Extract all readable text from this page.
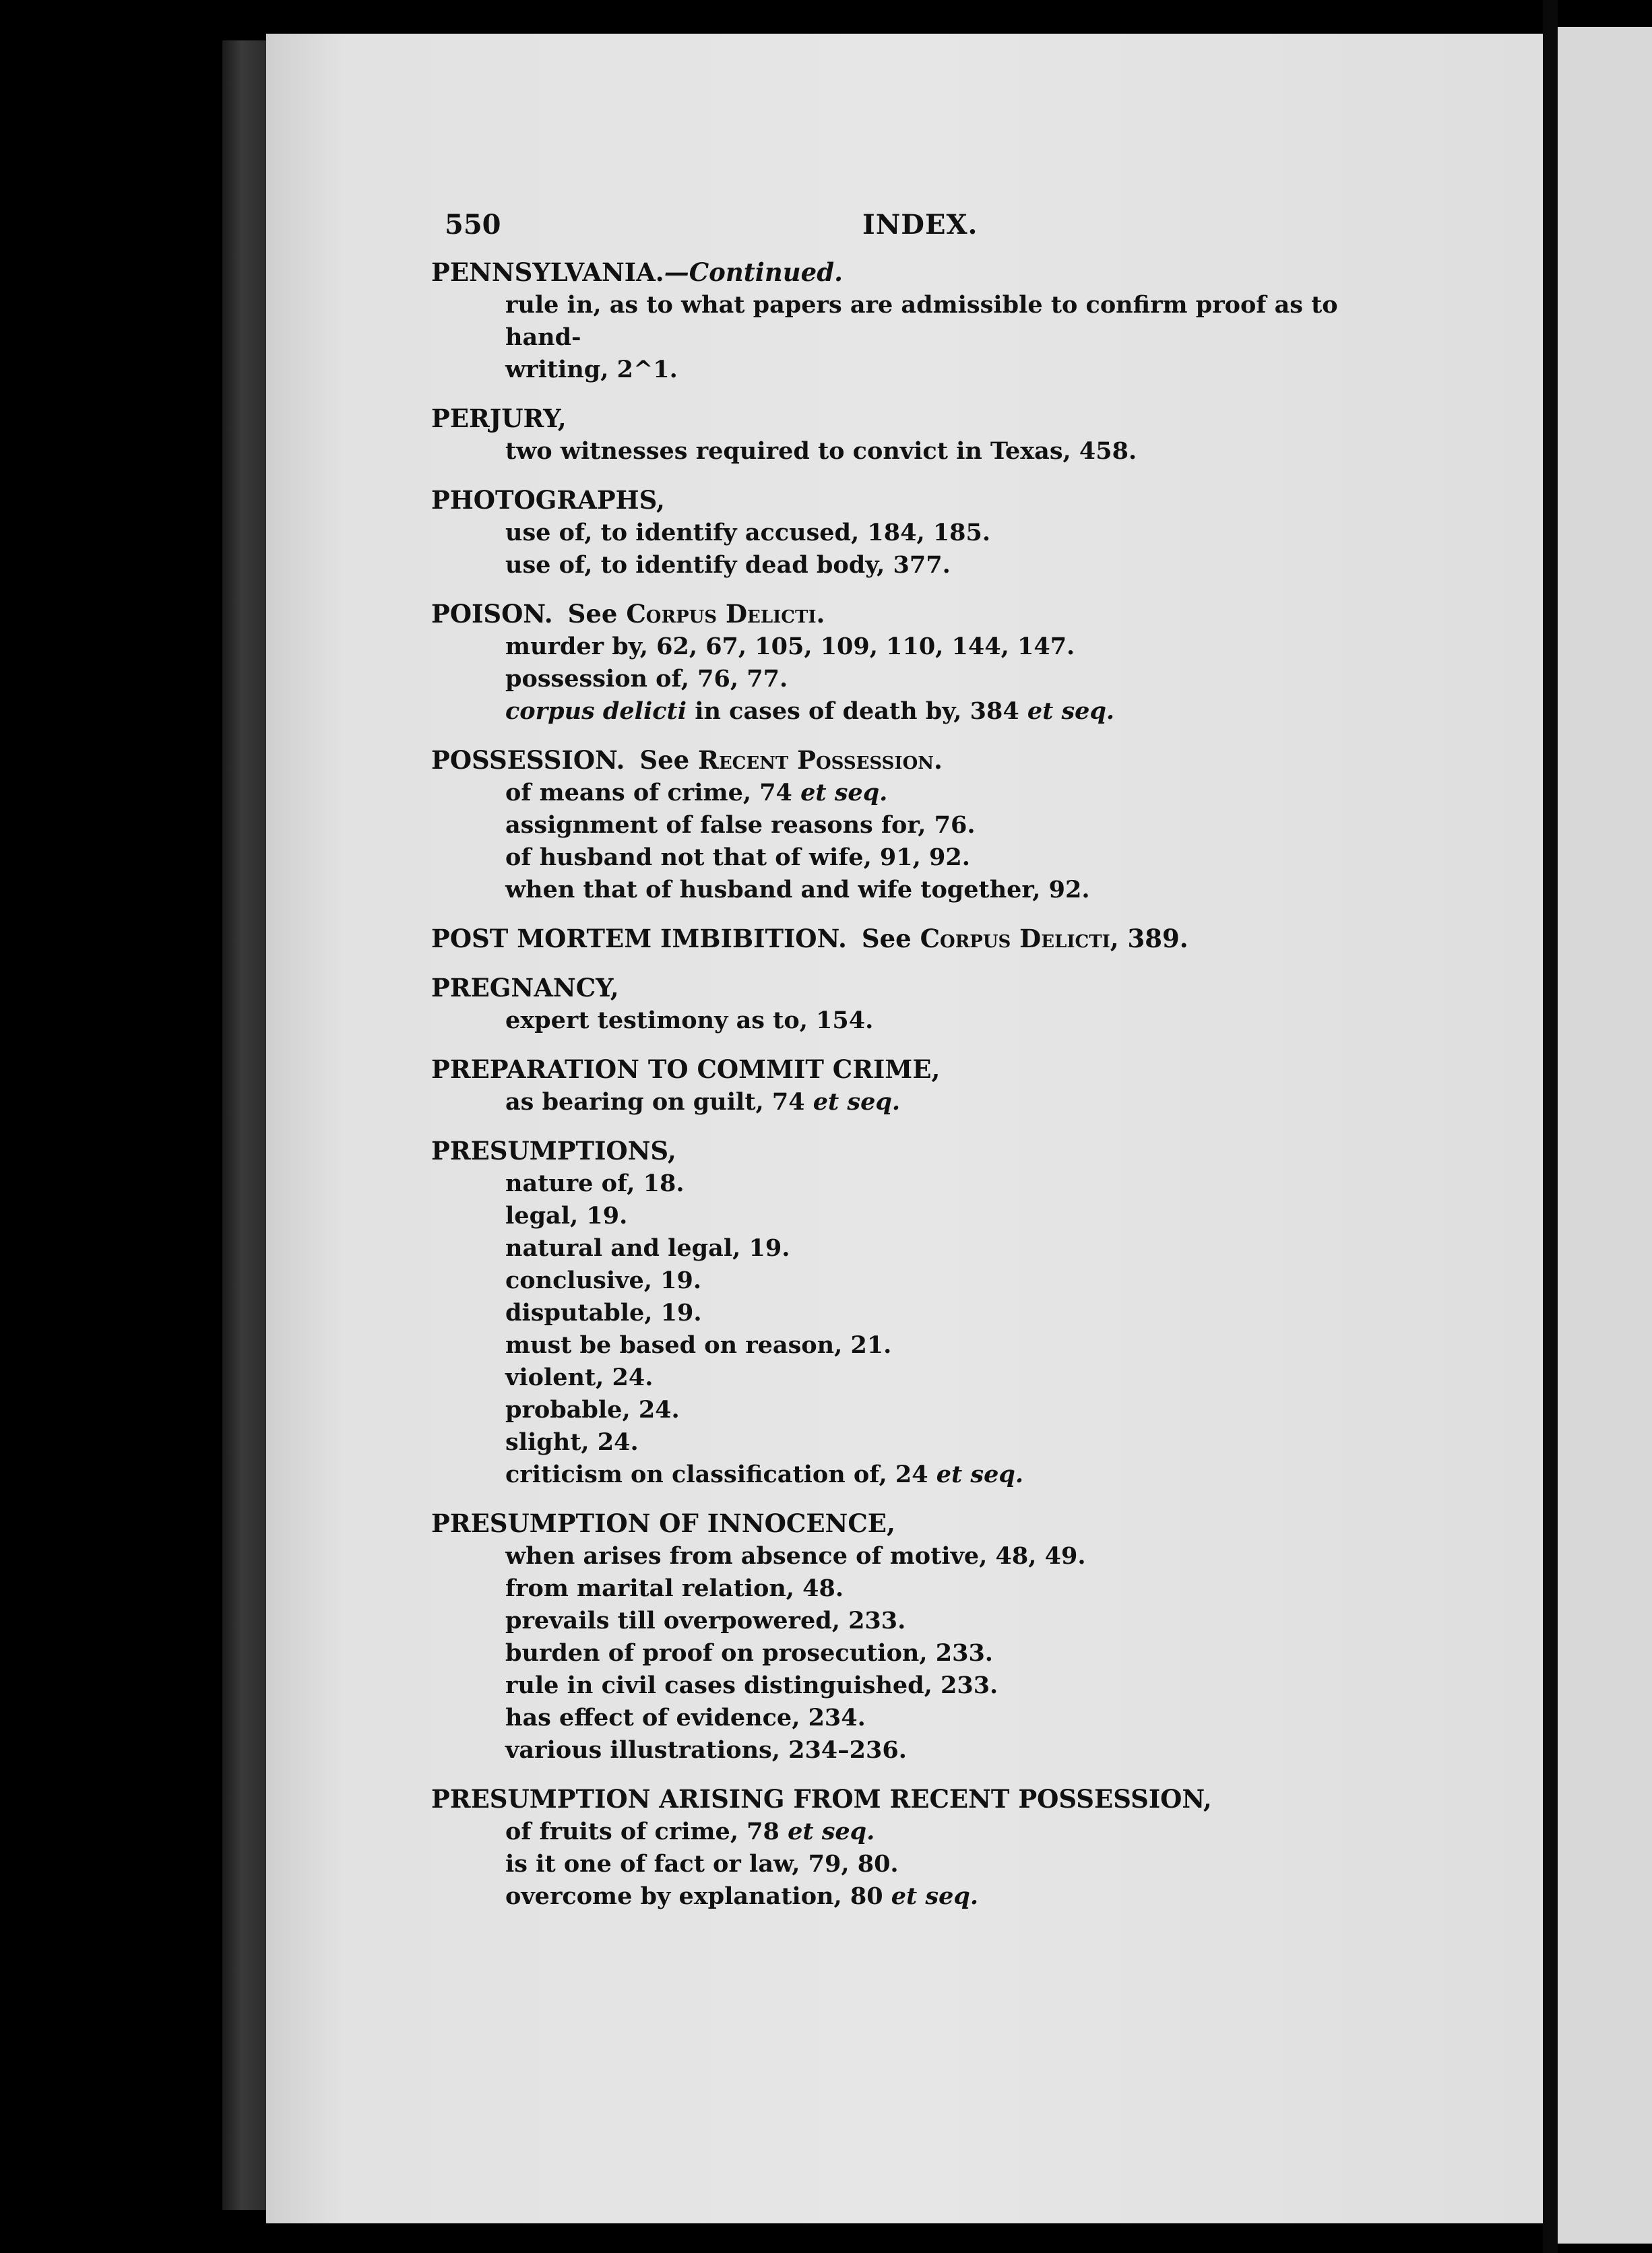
550	INDEX.
PENNSYLVANIA.—Continued.
rule in, as to what papers are admissible to confirm proof as to hand-
writing, 2^1.
PERJURY,
two witnesses required to convict in Texas, 458.
PHOTOGRAPHS,
use of, to identify accused, 184, 185.
use of, to identify dead body, 377.
POISON. See Corpus Delicti.
murder by, 62, 67, 105, 109, 110, 144, 147.
possession of, 76, 77.
corpus delicti in cases of death by, 384 et seq.
POSSESSION. See Recent Possession.
of means of crime, 74 et seq.
assignment of false reasons for, 76.
of husband not that of wife, 91, 92.
when that of husband and wife together, 92.
POST MORTEM IMBIBITION. See Corpus Delicti, 389.
PREGNANCY,
expert testimony as to, 154.
PREPARATION TO COMMIT CRIME,
as bearing on guilt, 74 et seq.
PRESUMPTIONS,
nature of, 18.
legal, 19.
natural and legal, 19.
conclusive, 19.
disputable, 19.
must be based on reason, 21.
violent, 24.
probable, 24.
slight, 24.
criticism on classification of, 24 et seq.
PRESUMPTION OF INNOCENCE,
when arises from absence of motive, 48, 49.
from marital relation, 48.
prevails till overpowered, 233.
burden of proof on prosecution, 233.
rule in civil cases distinguished, 233.
has effect of evidence, 234.
various illustrations, 234–236.
PRESUMPTION ARISING FROM RECENT POSSESSION,
of fruits of crime, 78 et seq.
is it one of fact or law, 79, 80.
overcome by explanation, 80 et seq.
